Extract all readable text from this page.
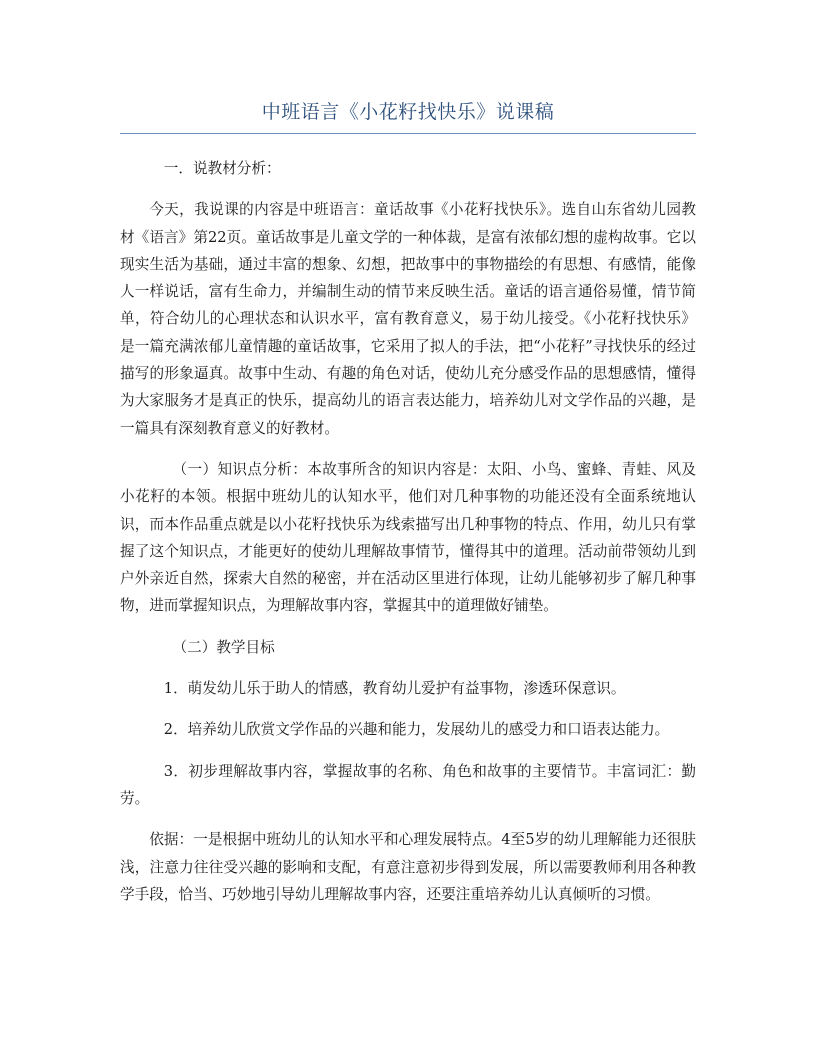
中班语言《小花籽找快乐》说课稿

一．说教材分析：

今天，我说课的内容是中班语言：童话故事《小花籽找快乐》。选自山东省幼儿园教材《语言》第22页。童话故事是儿童文学的一种体裁，是富有浓郁幻想的虚构故事。它以现实生活为基础，通过丰富的想象、幻想，把故事中的事物描绘的有思想、有感情，能像人一样说话，富有生命力，并编制生动的情节来反映生活。童话的语言通俗易懂，情节简单，符合幼儿的心理状态和认识水平，富有教育意义，易于幼儿接受。《小花籽找快乐》是一篇充满浓郁儿童情趣的童话故事，它采用了拟人的手法，把“小花籽”寻找快乐的经过描写的形象逼真。故事中生动、有趣的角色对话，使幼儿充分感受作品的思想感情，懂得为大家服务才是真正的快乐，提高幼儿的语言表达能力，培养幼儿对文学作品的兴趣，是一篇具有深刻教育意义的好教材。

（一）知识点分析：本故事所含的知识内容是：太阳、小鸟、蜜蜂、青蛙、风及小花籽的本领。根据中班幼儿的认知水平，他们对几种事物的功能还没有全面系统地认识，而本作品重点就是以小花籽找快乐为线索描写出几种事物的特点、作用，幼儿只有掌握了这个知识点，才能更好的使幼儿理解故事情节，懂得其中的道理。活动前带领幼儿到户外亲近自然，探索大自然的秘密，并在活动区里进行体现，让幼儿能够初步了解几种事物，进而掌握知识点，为理解故事内容，掌握其中的道理做好铺垫。

（二）教学目标

1．萌发幼儿乐于助人的情感，教育幼儿爱护有益事物，渗透环保意识。

2．培养幼儿欣赏文学作品的兴趣和能力，发展幼儿的感受力和口语表达能力。

3．初步理解故事内容，掌握故事的名称、角色和故事的主要情节。丰富词汇：勤劳。

依据：一是根据中班幼儿的认知水平和心理发展特点。4至5岁的幼儿理解能力还很肤浅，注意力往往受兴趣的影响和支配，有意注意初步得到发展，所以需要教师利用各种教学手段，恰当、巧妙地引导幼儿理解故事内容，还要注重培养幼儿认真倾听的习惯。
